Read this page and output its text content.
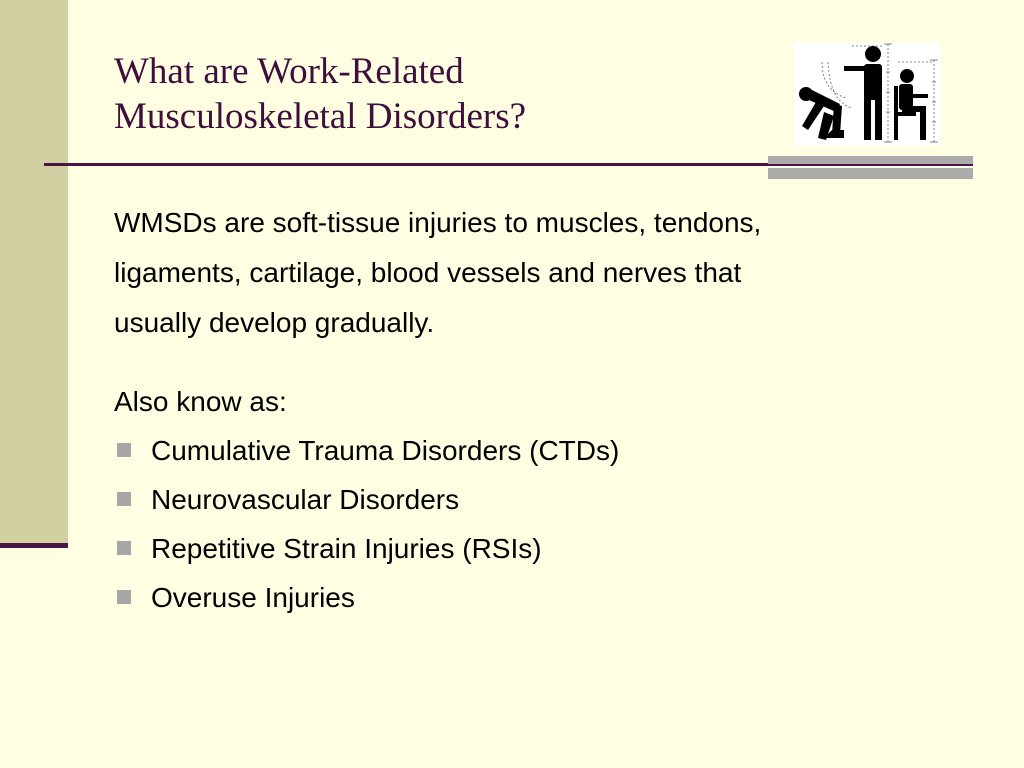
What are Work-Related
Musculoskeletal Disorders?

WMSDs are soft-tissue injuries to muscles, tendons,
ligaments, cartilage, blood vessels and nerves that
usually develop gradually.

Also know as:

Cumulative Trauma Disorders (CTDs)
Neurovascular Disorders
Repetitive Strain Injuries (RSIs)
Overuse Injuries
